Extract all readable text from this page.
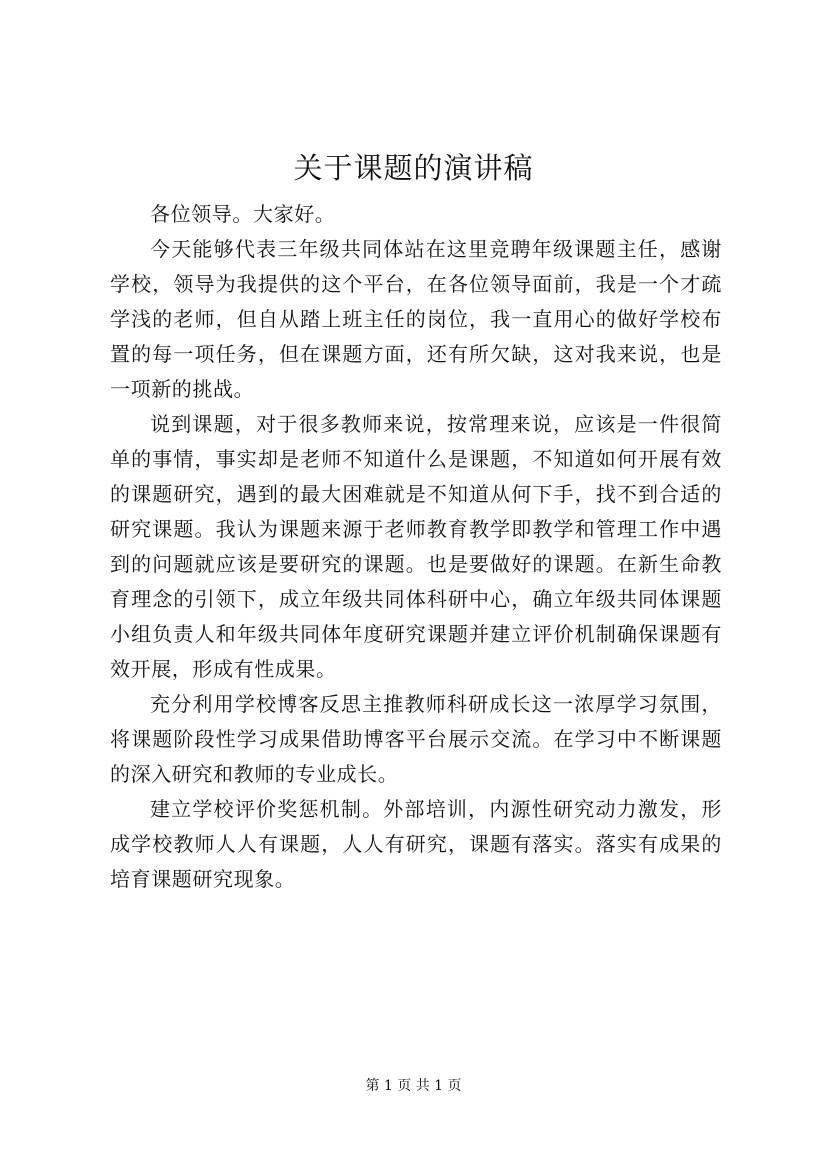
关于课题的演讲稿

各位领导。大家好。

今天能够代表三年级共同体站在这里竞聘年级课题主任，感谢学校，领导为我提供的这个平台，在各位领导面前，我是一个才疏学浅的老师，但自从踏上班主任的岗位，我一直用心的做好学校布置的每一项任务，但在课题方面，还有所欠缺，这对我来说，也是一项新的挑战。

说到课题，对于很多教师来说，按常理来说，应该是一件很简单的事情，事实却是老师不知道什么是课题，不知道如何开展有效的课题研究，遇到的最大困难就是不知道从何下手，找不到合适的研究课题。我认为课题来源于老师教育教学即教学和管理工作中遇到的问题就应该是要研究的课题。也是要做好的课题。在新生命教育理念的引领下，成立年级共同体科研中心，确立年级共同体课题小组负责人和年级共同体年度研究课题并建立评价机制确保课题有效开展，形成有性成果。

充分利用学校博客反思主推教师科研成长这一浓厚学习氛围，将课题阶段性学习成果借助博客平台展示交流。在学习中不断课题的深入研究和教师的专业成长。

建立学校评价奖惩机制。外部培训，内源性研究动力激发，形成学校教师人人有课题，人人有研究，课题有落实。落实有成果的培育课题研究现象。

第 1 页 共 1 页
